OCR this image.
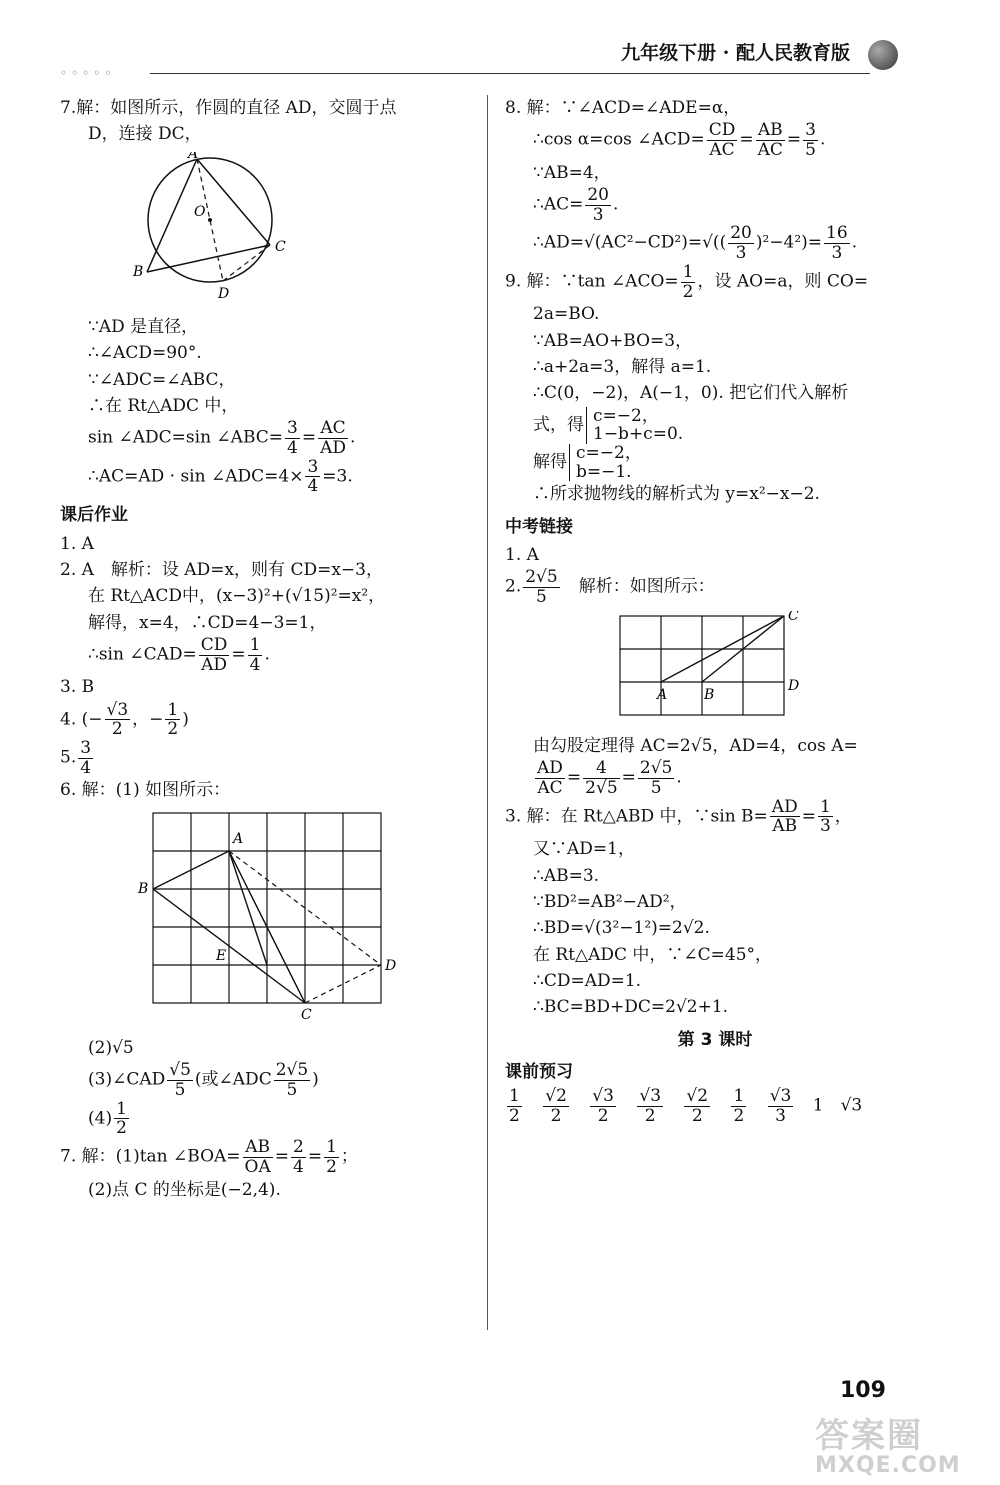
◦◦◦◦◦
九年级下册 · 配人民教育版

7.解：如图所示，作圆的直径 AD，交圆于点

D，连接 DC，

A
O
B
C
D

∵AD 是直径，

∴∠ACD=90°.

∵∠ADC=∠ABC，

∴在 Rt△ADC 中，

sin ∠ADC=sin ∠ABC= $\frac{3}{4} = \frac{AC}{AD}$ .

∴AC=AD · sin ∠ADC=4× $\frac{3}{4} =3$.

课后作业

1. A

2. A　解析：设 AD=x，则有 CD=x−3，

在 Rt△ACD中，(x−3)²+(√15)²=x²，

解得，x=4，∴CD=4−3=1，

∴sin ∠CAD= $\frac{CD}{AD} = \frac{1}{4}$ .

3. B

4. (− $\frac{√3}{2}$ ，− $\frac{1}{2}$ )

5. $\frac{3}{4}$

6. 解：(1) 如图所示：

A
B
E
D
C

(2)√5

(3)∠CAD $\frac{√5}{5}$ (或∠ADC $\frac{2√5}{5}$ )

$(4) \frac{1}{2}$

7. 解：(1)tan ∠BOA= $\frac{AB}{OA} = \frac{2}{4} = \frac{1}{2}$ ；

(2)点 C 的坐标是(−2,4).

8. 解：∵∠ACD=∠ADE=α，

∴cos α=cos ∠ACD= $\frac{CD}{AC} = \frac{AB}{AC} = \frac{3}{5}$ .

∵AB=4，

∴AC= $\frac{20}{3}$ .

∴AD=√(AC²−CD²)=√(( $\frac{20}{3} )^2-4^2)= \frac{16}{3}$ .

9. 解：∵tan ∠ACO= $\frac{1}{2}$ ，设 AO=a，则 CO=

2a=BO.

∵AB=AO+BO=3，

∴a+2a=3，解得 a=1.

∴C(0，−2)，A(−1，0). 把它们代入解析

式，得 c=−2，
1−b+c=0.

解得 c=−2，
b=−1.

∴所求抛物线的解析式为 y=x²−x−2.

中考链接

1. A

2. $\frac{2√5}{5}$ 　解析：如图所示：

C
A	B
D

由勾股定理得 AC=2√5，AD=4，cos A=

$\frac{AD}{AC} = \frac{4}{2√5} = \frac{2√5}{5}$ .

3. 解：在 Rt△ABD 中，∵sin $B= \frac{AD}{AB} = \frac{1}{3}$ ，

又∵AD=1，

∴AB=3.

∵BD²=AB²−AD²，

∴BD=√(3²−1²)=2√2.

在 Rt△ADC 中，∵∠C=45°，

∴CD=AD=1.

∴BC=BD+DC=2√2+1.

第 3 课时

课前预习

$\frac{1}{2}$
$\frac{√2}{2}$
$\frac{√3}{2}$
$\frac{√3}{2}$
$\frac{√2}{2}$
$\frac{1}{2}$
$\frac{√3}{3} 1$　√3

109
答案圈
MXQE.COM
